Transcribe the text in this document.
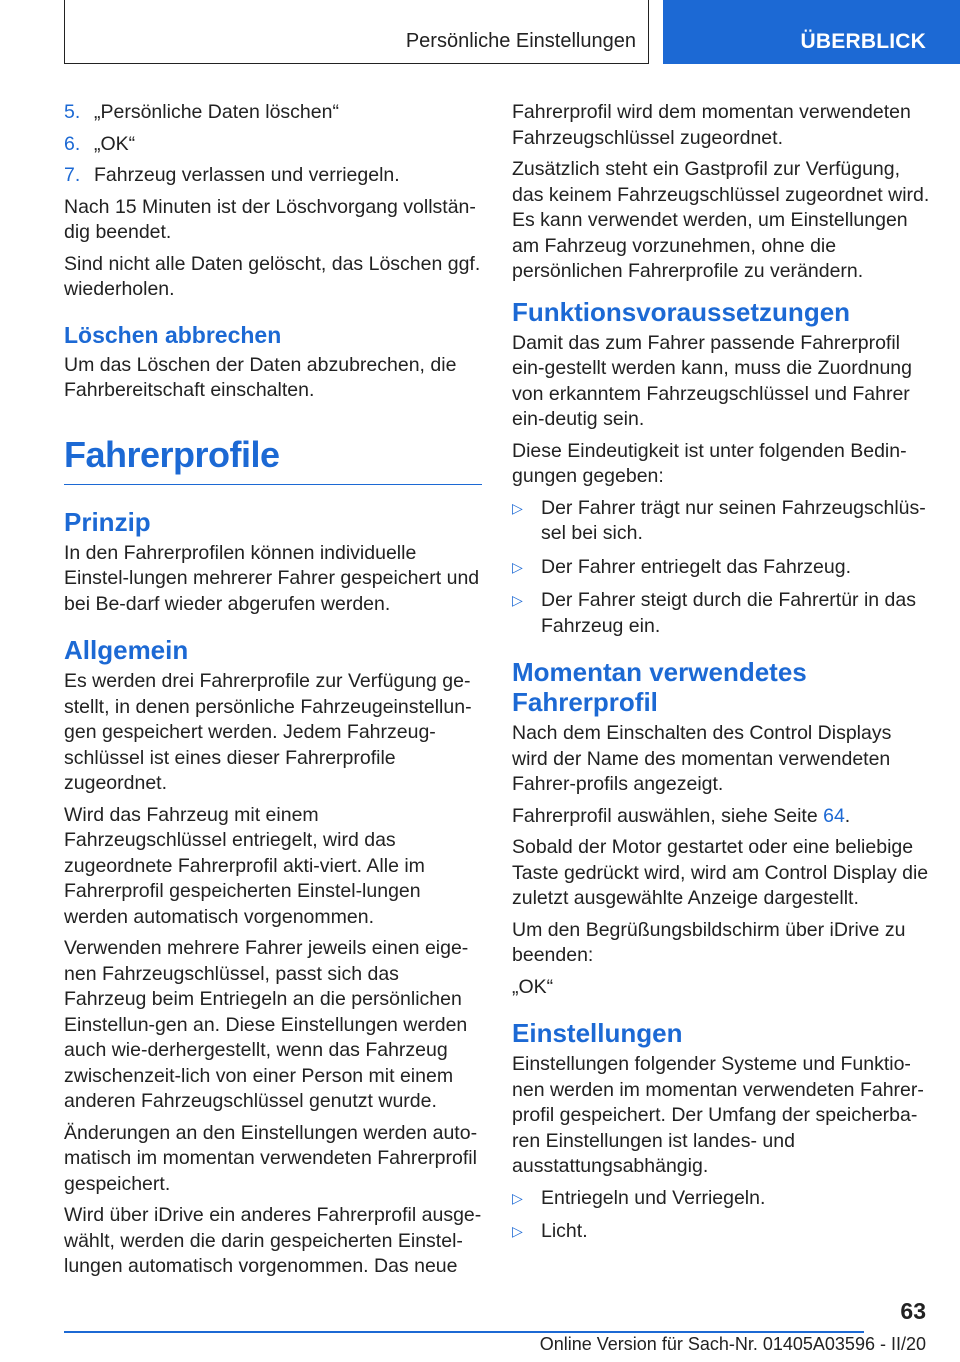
Persönliche Einstellungen	ÜBERBLICK
5. „Persönliche Daten löschen“
6. „OK“
7. Fahrzeug verlassen und verriegeln.

Nach 15 Minuten ist der Löschvorgang vollstän-dig beendet.

Sind nicht alle Daten gelöscht, das Löschen ggf. wiederholen.

Löschen abbrechen

Um das Löschen der Daten abzubrechen, die Fahrbereitschaft einschalten.

Fahrerprofile
Prinzip

In den Fahrerprofilen können individuelle Einstel-lungen mehrerer Fahrer gespeichert und bei Be-darf wieder abgerufen werden.

Allgemein

Es werden drei Fahrerprofile zur Verfügung ge-stellt, in denen persönliche Fahrzeugeinstellun-gen gespeichert werden. Jedem Fahrzeug-schlüssel ist eines dieser Fahrerprofile zugeordnet.

Wird das Fahrzeug mit einem Fahrzeugschlüssel entriegelt, wird das zugeordnete Fahrerprofil akti-viert. Alle im Fahrerprofil gespeicherten Einstel-lungen werden automatisch vorgenommen.

Verwenden mehrere Fahrer jeweils einen eige-nen Fahrzeugschlüssel, passt sich das Fahrzeug beim Entriegeln an die persönlichen Einstellun-gen an. Diese Einstellungen werden auch wie-derhergestellt, wenn das Fahrzeug zwischenzeit-lich von einer Person mit einem anderen Fahrzeugschlüssel genutzt wurde.

Änderungen an den Einstellungen werden auto-matisch im momentan verwendeten Fahrerprofil gespeichert.

Wird über iDrive ein anderes Fahrerprofil ausge-wählt, werden die darin gespeicherten Einstel-lungen automatisch vorgenommen. Das neue

Fahrerprofil wird dem momentan verwendeten Fahrzeugschlüssel zugeordnet.

Zusätzlich steht ein Gastprofil zur Verfügung, das keinem Fahrzeugschlüssel zugeordnet wird. Es kann verwendet werden, um Einstellungen am Fahrzeug vorzunehmen, ohne die persönlichen Fahrerprofile zu verändern.

Funktionsvoraussetzungen

Damit das zum Fahrer passende Fahrerprofil ein-gestellt werden kann, muss die Zuordnung von erkanntem Fahrzeugschlüssel und Fahrer ein-deutig sein.

Diese Eindeutigkeit ist unter folgenden Bedin-gungen gegeben:

▷ Der Fahrer trägt nur seinen Fahrzeugschlüs-sel bei sich.
▷ Der Fahrer entriegelt das Fahrzeug.
▷ Der Fahrer steigt durch die Fahrertür in das Fahrzeug ein.
Momentan verwendetes Fahrerprofil

Nach dem Einschalten des Control Displays wird der Name des momentan verwendeten Fahrer-profils angezeigt.

Fahrerprofil auswählen, siehe Seite 64.

Sobald der Motor gestartet oder eine beliebige Taste gedrückt wird, wird am Control Display die zuletzt ausgewählte Anzeige dargestellt.

Um den Begrüßungsbildschirm über iDrive zu beenden:

„OK“

Einstellungen

Einstellungen folgender Systeme und Funktio-nen werden im momentan verwendeten Fahrer-profil gespeichert. Der Umfang der speicherba-ren Einstellungen ist landes- und ausstattungsabhängig.

▷ Entriegeln und Verriegeln.
▷ Licht.
63
Online Version für Sach-Nr. 01405A03596 - II/20
